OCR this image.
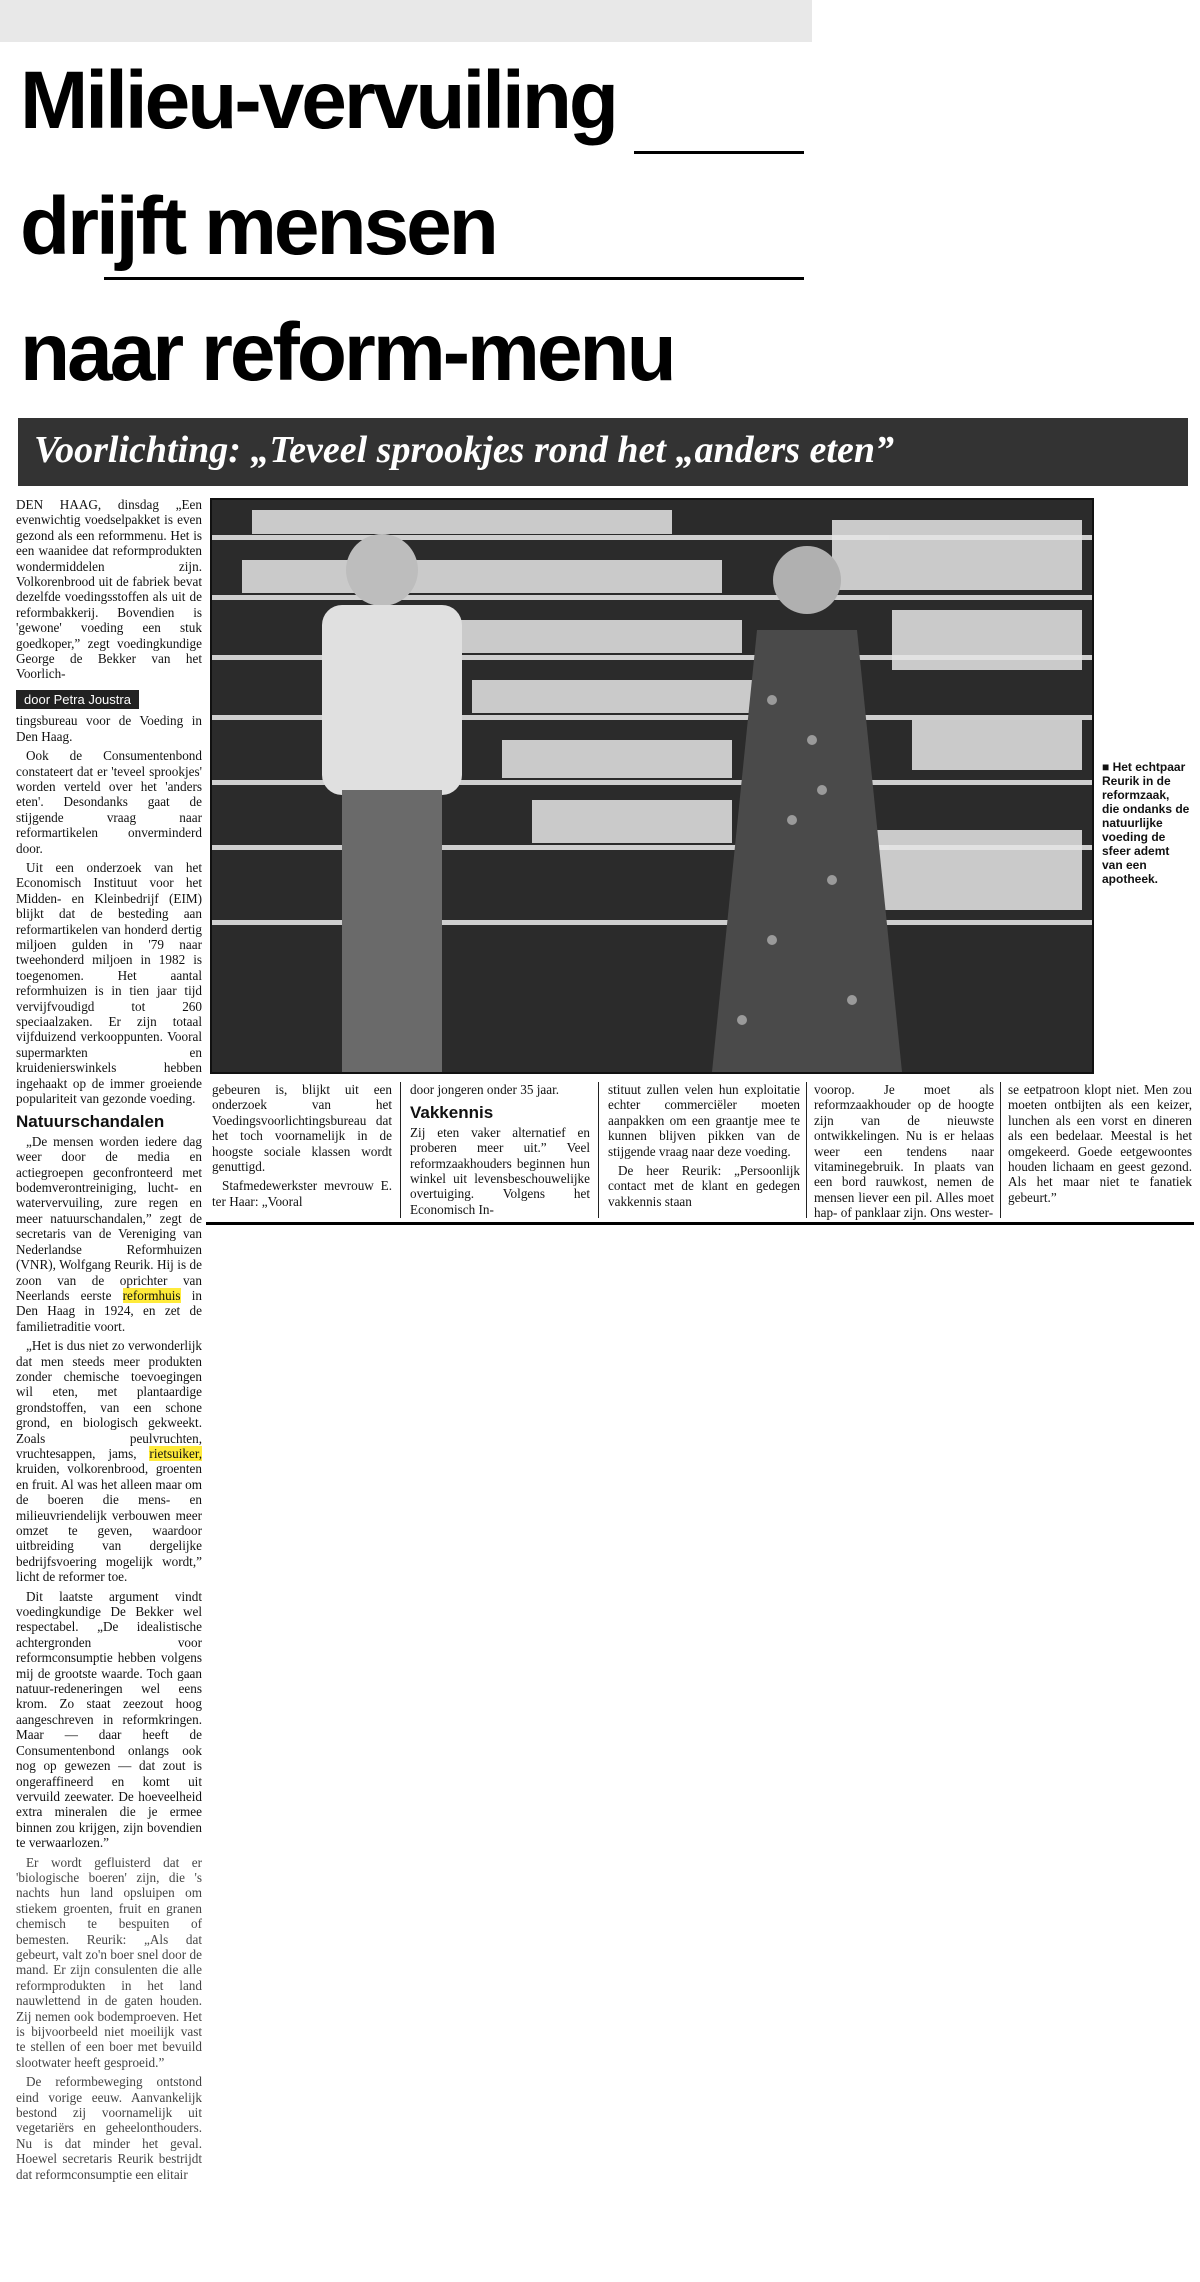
Milieu-vervuiling
drijft mensen
naar reform-menu
Voorlichting: „Teveel sprookjes rond het „anders eten”

DEN HAAG, dinsdag „Een evenwichtig voedselpakket is even gezond als een reformmenu. Het is een waanidee dat reformprodukten wondermiddelen zijn. Volkorenbrood uit de fabriek bevat dezelfde voedingsstoffen als uit de reformbakkerij. Bovendien is 'gewone' voeding een stuk goedkoper,” zegt voedingkundige George de Bekker van het Voorlich-

door Petra Joustra

tingsbureau voor de Voeding in Den Haag.

Ook de Consumentenbond constateert dat er 'teveel sprookjes' worden verteld over het 'anders eten'. Desondanks gaat de stijgende vraag naar reformartikelen onverminderd door.

Uit een onderzoek van het Economisch Instituut voor het Midden- en Kleinbedrijf (EIM) blijkt dat de besteding aan reformartikelen van honderd dertig miljoen gulden in '79 naar tweehonderd miljoen in 1982 is toegenomen. Het aantal reformhuizen is in tien jaar tijd vervijfvoudigd tot 260 speciaalzaken. Er zijn totaal vijfduizend verkooppunten. Vooral supermarkten en kruidenierswinkels hebben ingehaakt op de immer groeiende populariteit van gezonde voeding.

Natuurschandalen

„De mensen worden iedere dag weer door de media en actiegroepen geconfronteerd met bodemverontreiniging, lucht- en watervervuiling, zure regen en meer natuurschandalen,” zegt de secretaris van de Vereniging van Nederlandse Reformhuizen (VNR), Wolfgang Reurik. Hij is de zoon van de oprichter van Neerlands eerste reformhuis in Den Haag in 1924, en zet de familietraditie voort.

„Het is dus niet zo verwonderlijk dat men steeds meer produkten zonder chemische toevoegingen wil eten, met plantaardige grondstoffen, van een schone grond, en biologisch gekweekt. Zoals peulvruchten, vruchtesappen, jams, rietsuiker, kruiden, volkorenbrood, groenten en fruit. Al was het alleen maar om de boeren die mens- en milieuvriendelijk verbouwen meer omzet te geven, waardoor uitbreiding van dergelijke bedrijfsvoering mogelijk wordt,” licht de reformer toe.

Dit laatste argument vindt voedingkundige De Bekker wel respectabel. „De idealistische achtergronden voor reformconsumptie hebben volgens mij de grootste waarde. Toch gaan natuur-redeneringen wel eens krom. Zo staat zeezout hoog aangeschreven in reformkringen. Maar — daar heeft de Consumentenbond onlangs ook nog op gewezen — dat zout is ongeraffineerd en komt uit vervuild zeewater. De hoeveelheid extra mineralen die je ermee binnen zou krijgen, zijn bovendien te verwaarlozen.”

Er wordt gefluisterd dat er 'biologische boeren' zijn, die 's nachts hun land opsluipen om stiekem groenten, fruit en granen chemisch te bespuiten of bemesten. Reurik: „Als dat gebeurt, valt zo'n boer snel door de mand. Er zijn consulenten die alle reformprodukten in het land nauwlettend in de gaten houden. Zij nemen ook bodemproeven. Het is bijvoorbeeld niet moeilijk vast te stellen of een boer met bevuild slootwater heeft gesproeid.”

De reformbeweging ontstond eind vorige eeuw. Aanvankelijk bestond zij voornamelijk uit vegetariërs en geheelonthouders. Nu is dat minder het geval. Hoewel secretaris Reurik bestrijdt dat reformconsumptie een elitair

■ Het echtpaar Reurik in de reformzaak, die ondanks de natuurlijke voeding de sfeer ademt van een apotheek.

gebeuren is, blijkt uit een onderzoek van het Voedingsvoorlichtingsbureau dat het toch voornamelijk in de hoogste sociale klassen wordt genuttigd.

Stafmedewerkster mevrouw E. ter Haar: „Vooral

door jongeren onder 35 jaar.

Vakkennis

Zij eten vaker alternatief en proberen meer uit.” Veel reformzaakhouders beginnen hun winkel uit levensbeschouwelijke overtuiging. Volgens het Economisch In-

stituut zullen velen hun exploitatie echter commerciëler moeten aanpakken om een graantje mee te kunnen blijven pikken van de stijgende vraag naar deze voeding.

De heer Reurik: „Persoonlijk contact met de klant en gedegen vakkennis staan

voorop. Je moet als reformzaakhouder op de hoogte zijn van de nieuwste ontwikkelingen. Nu is er helaas weer een tendens naar vitaminegebruik. In plaats van een bord rauwkost, nemen de mensen liever een pil. Alles moet hap- of panklaar zijn. Ons wester-

se eetpatroon klopt niet. Men zou moeten ontbijten als een keizer, lunchen als een vorst en dineren als een bedelaar. Meestal is het omgekeerd. Goede eetgewoontes houden lichaam en geest gezond. Als het maar niet te fanatiek gebeurt.”
